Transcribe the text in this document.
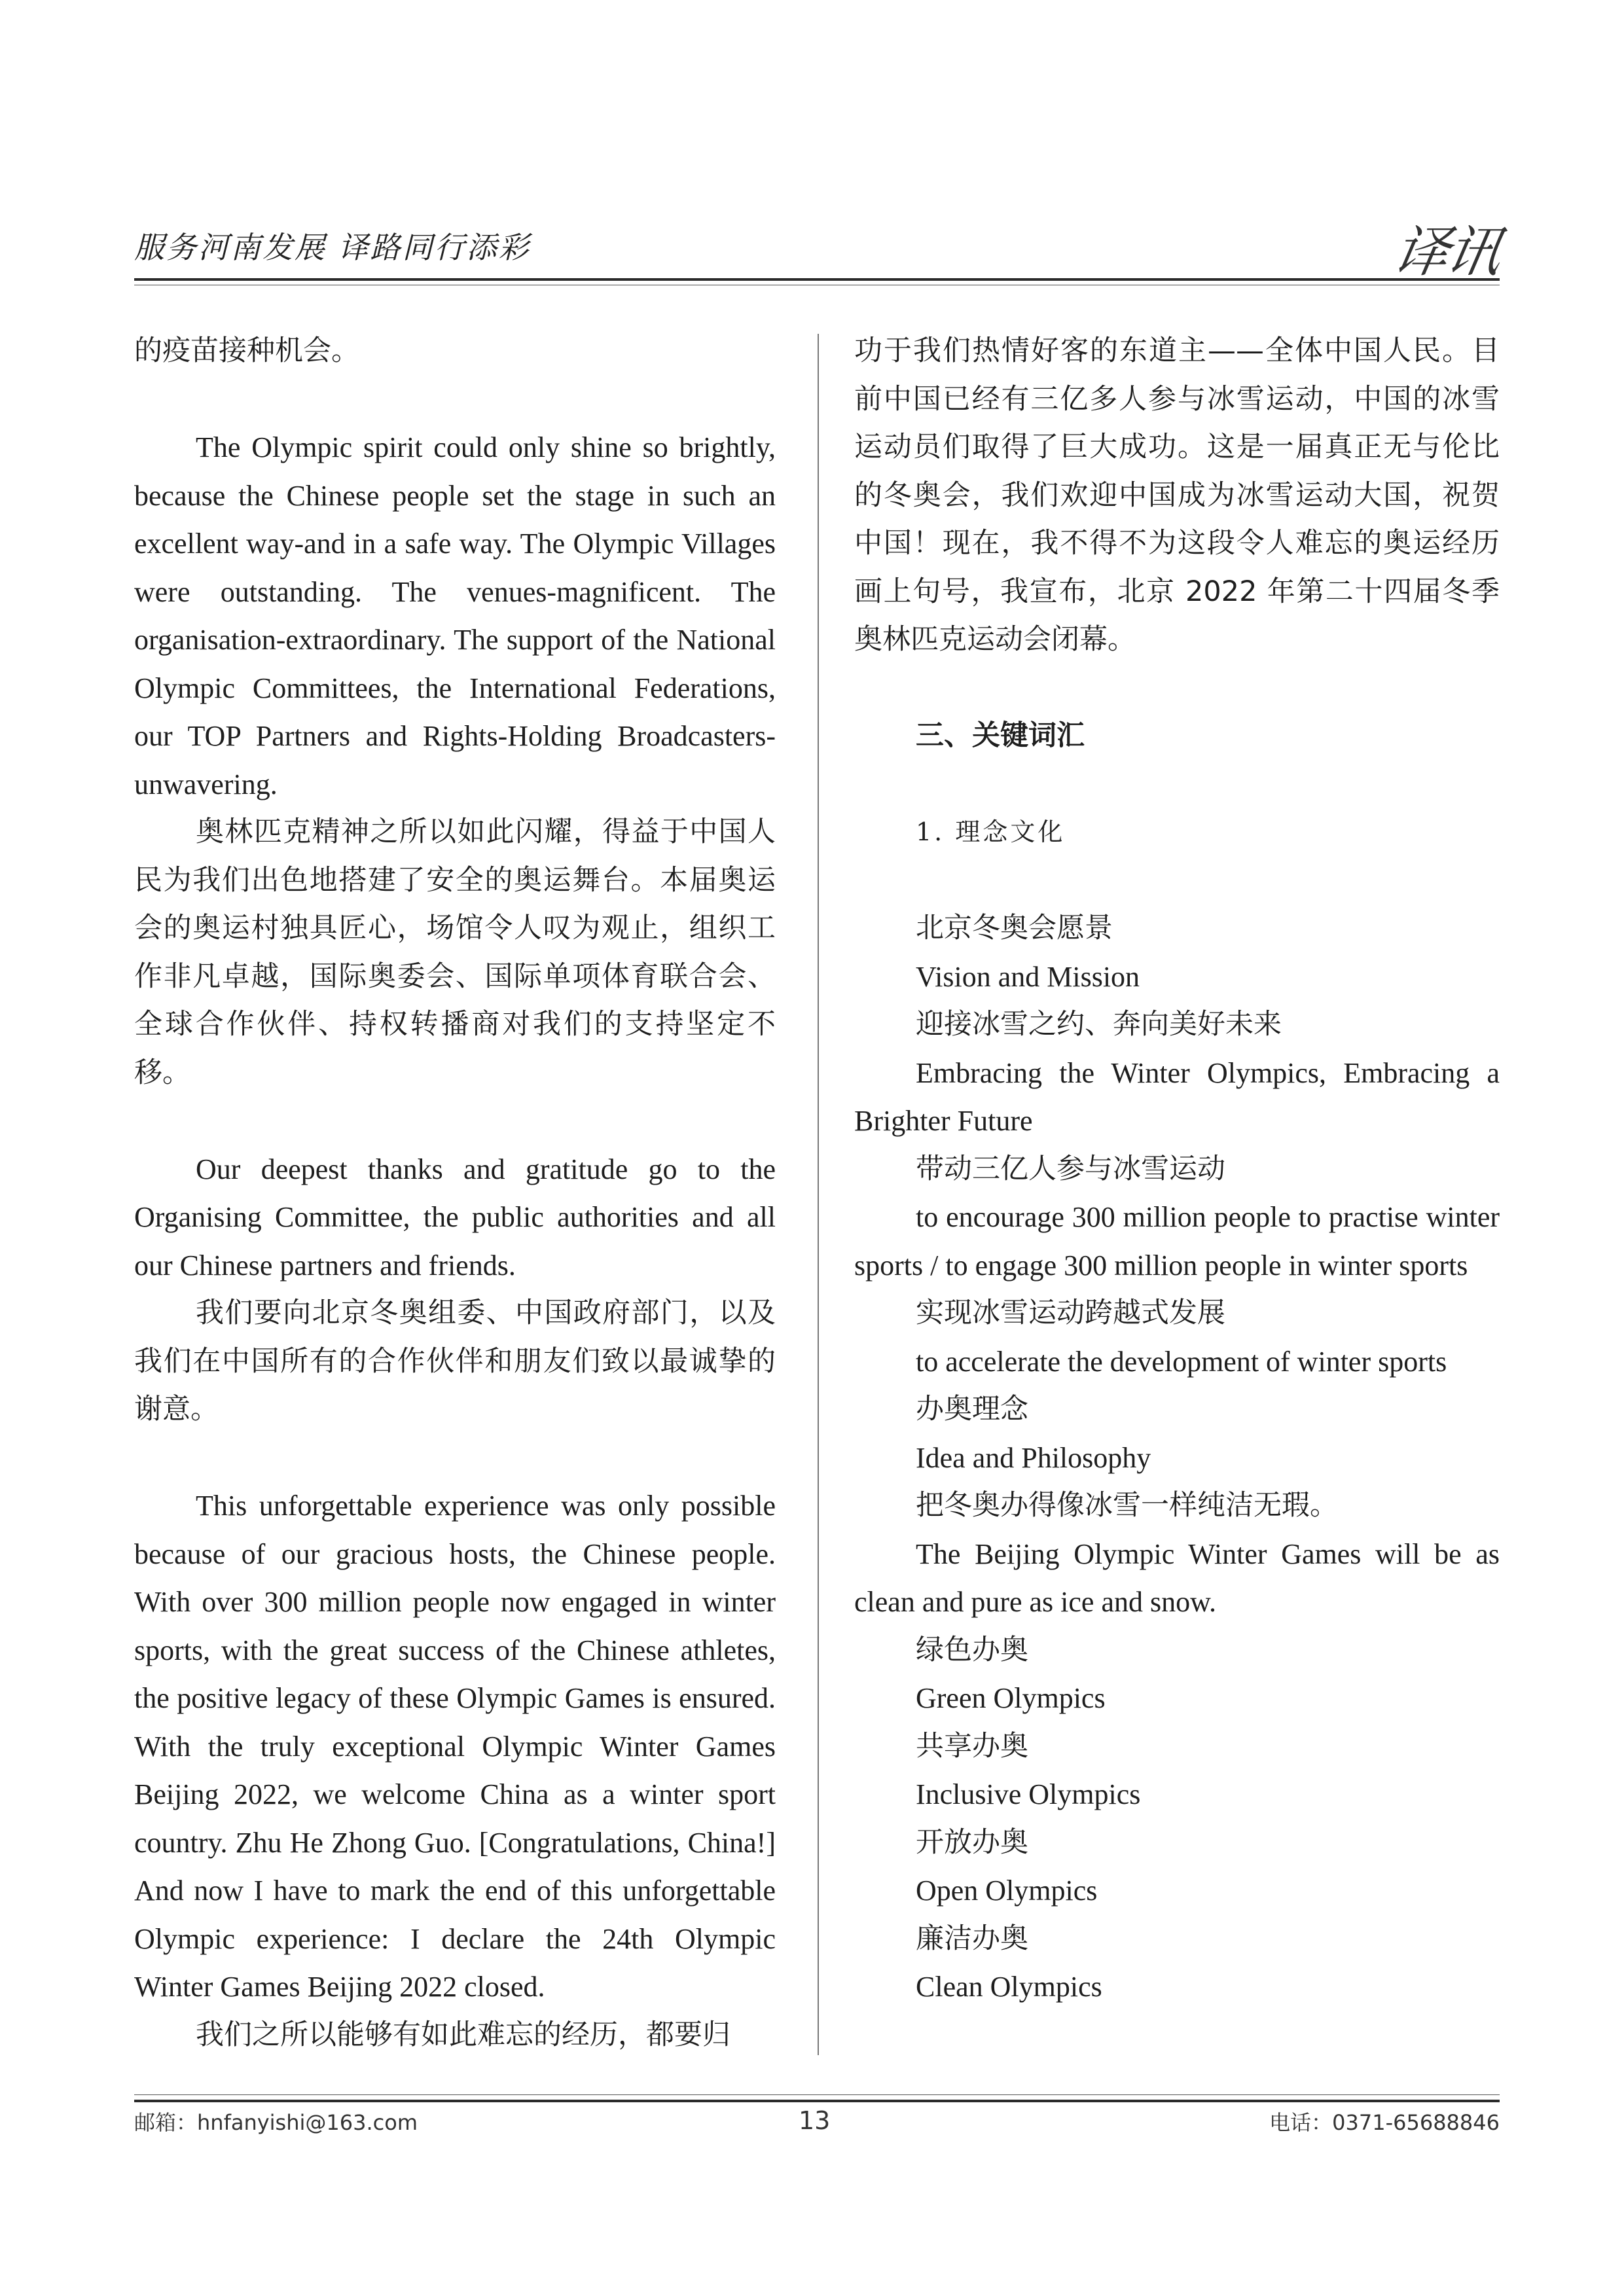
服务河南发展 译路同行添彩	译讯

的疫苗接种机会。

The Olympic spirit could only shine so brightly, because the Chinese people set the stage in such an excellent way-and in a safe way. The Olympic Villages were outstanding. The venues-magnificent. The organisation-extraordinary. The support of the National Olympic Committees, the International Federations, our TOP Partners and Rights-Holding Broadcasters-unwavering.

奥林匹克精神之所以如此闪耀，得益于中国人民为我们出色地搭建了安全的奥运舞台。本届奥运会的奥运村独具匠心，场馆令人叹为观止，组织工作非凡卓越，国际奥委会、国际单项体育联合会、全球合作伙伴、持权转播商对我们的支持坚定不移。

Our deepest thanks and gratitude go to the Organising Committee, the public authorities and all our Chinese partners and friends.

我们要向北京冬奥组委、中国政府部门，以及我们在中国所有的合作伙伴和朋友们致以最诚挚的谢意。

This unforgettable experience was only possible because of our gracious hosts, the Chinese people. With over 300 million people now engaged in winter sports, with the great success of the Chinese athletes, the positive legacy of these Olympic Games is ensured. With the truly exceptional Olympic Winter Games Beijing 2022, we welcome China as a winter sport country. Zhu He Zhong Guo. [Congratulations, China!] And now I have to mark the end of this unforgettable Olympic experience: I declare the 24th Olympic Winter Games Beijing 2022 closed.

我们之所以能够有如此难忘的经历，都要归

功于我们热情好客的东道主——全体中国人民。目前中国已经有三亿多人参与冰雪运动，中国的冰雪运动员们取得了巨大成功。这是一届真正无与伦比的冬奥会，我们欢迎中国成为冰雪运动大国，祝贺中国！现在，我不得不为这段令人难忘的奥运经历画上句号，我宣布，北京 2022 年第二十四届冬季奥林匹克运动会闭幕。

三、关键词汇

1. 理念文化

北京冬奥会愿景

Vision and Mission

迎接冰雪之约、奔向美好未来

Embracing the Winter Olympics, Embracing a Brighter Future

带动三亿人参与冰雪运动

to encourage 300 million people to practise winter sports / to engage 300 million people in winter sports

实现冰雪运动跨越式发展

to accelerate the development of winter sports

办奥理念

Idea and Philosophy

把冬奥办得像冰雪一样纯洁无瑕。

The Beijing Olympic Winter Games will be as clean and pure as ice and snow.

绿色办奥

Green Olympics

共享办奥

Inclusive Olympics

开放办奥

Open Olympics

廉洁办奥

Clean Olympics

邮箱：hnfanyishi@163.com	13	电话：0371-65688846
